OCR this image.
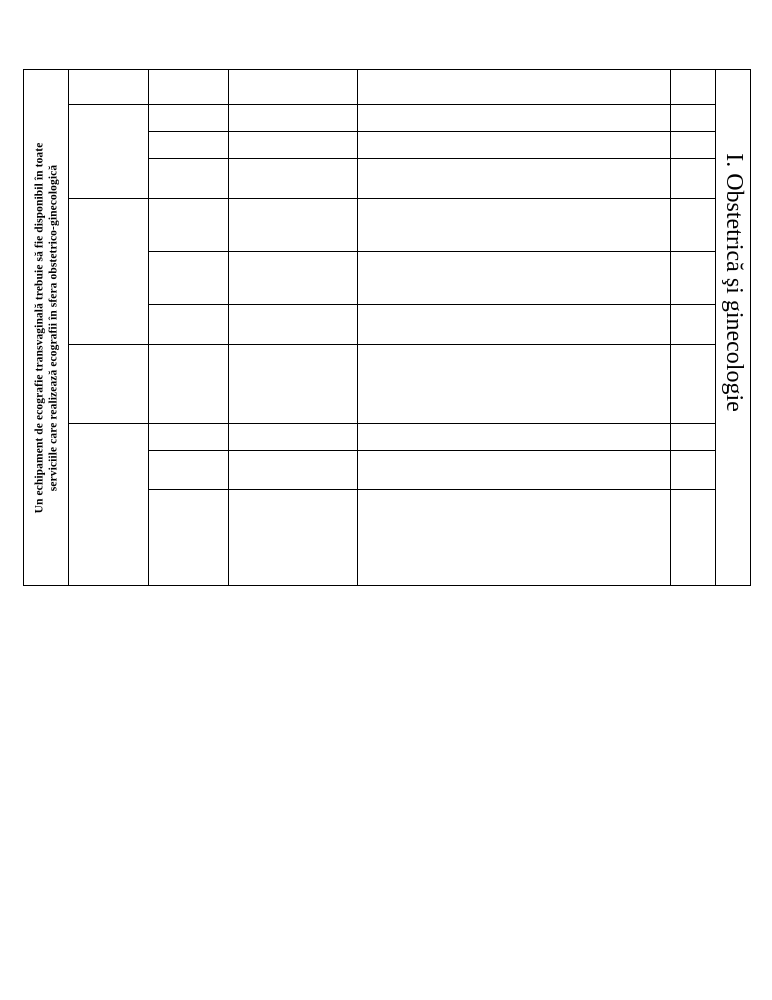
Un echipament de ecografie transvaginală trebuie să fie disponibil în toate serviciile care realizează ecografii în sfera obstetrico-ginecologică	I. Obstetrică şi ginecologie
